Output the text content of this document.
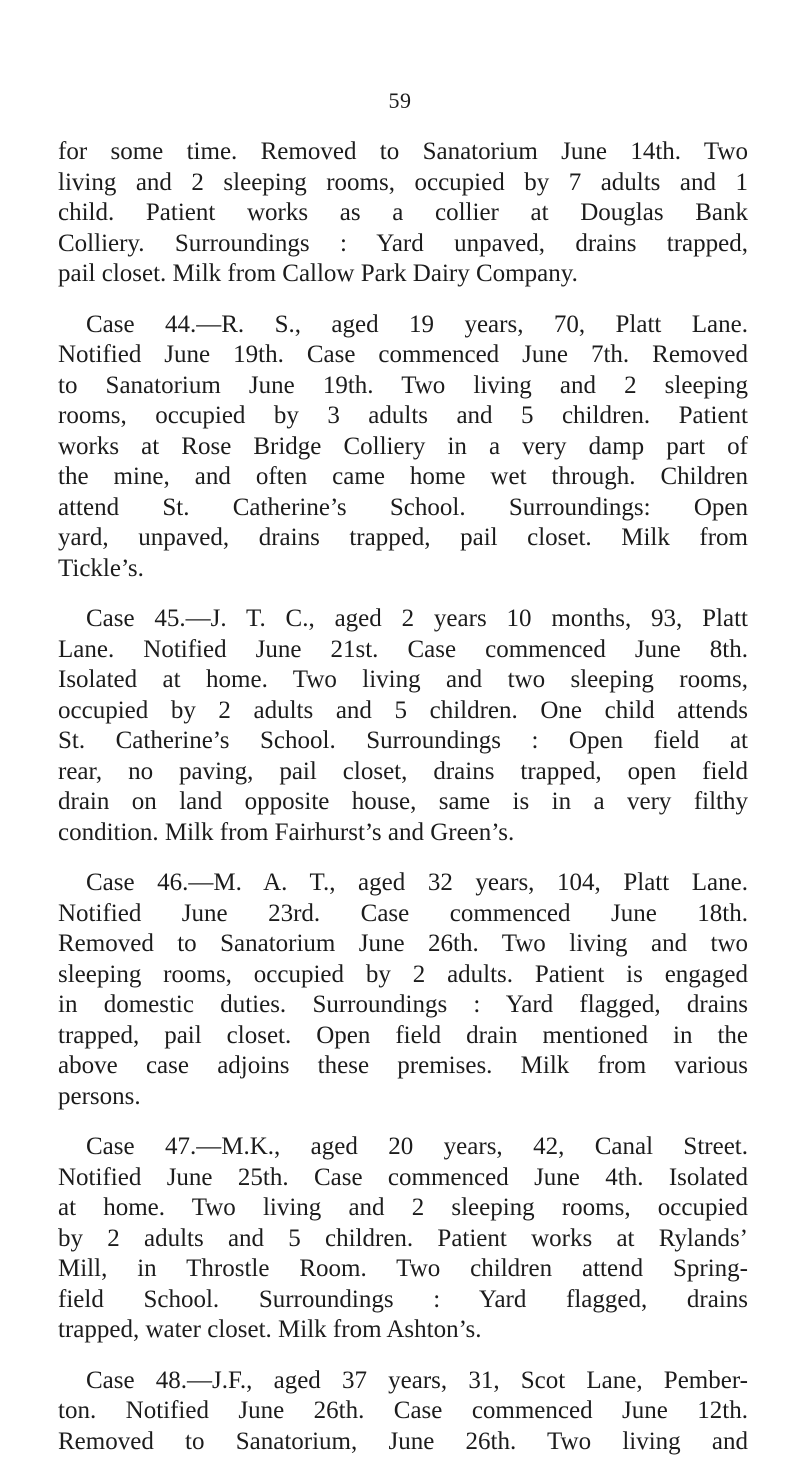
59
for some time. Removed to Sanatorium June 14th. Two
living and 2 sleeping rooms, occupied by 7 adults and 1
child. Patient works as a collier at Douglas Bank
Colliery. Surroundings : Yard unpaved, drains trapped,
pail closet. Milk from Callow Park Dairy Company.
Case 44.—R. S., aged 19 years, 70, Platt Lane.
Notified June 19th. Case commenced June 7th. Removed
to Sanatorium June 19th. Two living and 2 sleeping
rooms, occupied by 3 adults and 5 children. Patient
works at Rose Bridge Colliery in a very damp part of
the mine, and often came home wet through. Children
attend St. Catherine’s School. Surroundings: Open
yard, unpaved, drains trapped, pail closet. Milk from
Tickle’s.
Case 45.—J. T. C., aged 2 years 10 months, 93, Platt
Lane. Notified June 21st. Case commenced June 8th.
Isolated at home. Two living and two sleeping rooms,
occupied by 2 adults and 5 children. One child attends
St. Catherine’s School. Surroundings : Open field at
rear, no paving, pail closet, drains trapped, open field
drain on land opposite house, same is in a very filthy
condition. Milk from Fairhurst’s and Green’s.
Case 46.—M. A. T., aged 32 years, 104, Platt Lane.
Notified June 23rd. Case commenced June 18th.
Removed to Sanatorium June 26th. Two living and two
sleeping rooms, occupied by 2 adults. Patient is engaged
in domestic duties. Surroundings : Yard flagged, drains
trapped, pail closet. Open field drain mentioned in the
above case adjoins these premises. Milk from various
persons.
Case 47.—M.K., aged 20 years, 42, Canal Street.
Notified June 25th. Case commenced June 4th. Isolated
at home. Two living and 2 sleeping rooms, occupied
by 2 adults and 5 children. Patient works at Rylands’
Mill, in Throstle Room. Two children attend Spring-
field School. Surroundings : Yard flagged, drains
trapped, water closet. Milk from Ashton’s.
Case 48.—J.F., aged 37 years, 31, Scot Lane, Pember-
ton. Notified June 26th. Case commenced June 12th.
Removed to Sanatorium, June 26th. Two living and
